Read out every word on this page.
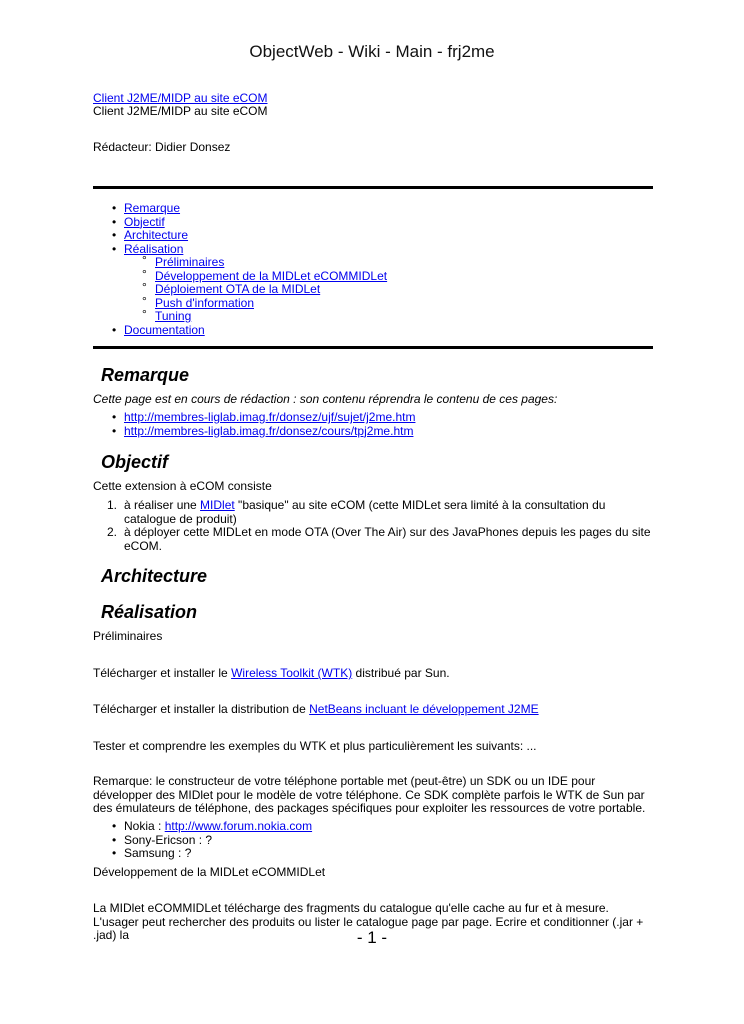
ObjectWeb - Wiki - Main - frj2me
Client J2ME/MIDP au site eCOM
Client J2ME/MIDP au site eCOM
Rédacteur: Didier Donsez
• Remarque
• Objectif
• Architecture
• Réalisation
° Préliminaires
° Développement de la MIDLet eCOMMIDLet
° Déploiement OTA de la MIDLet
° Push d'information
° Tuning
• Documentation
Remarque
Cette page est en cours de rédaction : son contenu réprendra le contenu de ces pages:
• http://membres-liglab.imag.fr/donsez/ujf/sujet/j2me.htm
• http://membres-liglab.imag.fr/donsez/cours/tpj2me.htm
Objectif
Cette extension à eCOM consiste
1. à réaliser une MIDlet "basique" au site eCOM (cette MIDLet sera limité à la consultation du catalogue de produit)
2. à déployer cette MIDLet en mode OTA (Over The Air) sur des JavaPhones depuis les pages du site eCOM.
Architecture
Réalisation
Préliminaires
Télécharger et installer le Wireless Toolkit (WTK) distribué par Sun.
Télécharger et installer la distribution de NetBeans incluant le développement J2ME
Tester et comprendre les exemples du WTK et plus particulièrement les suivants: ...
Remarque: le constructeur de votre téléphone portable met (peut-être) un SDK ou un IDE pour développer des MIDlet pour le modèle de votre téléphone. Ce SDK complète parfois le WTK de Sun par des émulateurs de téléphone, des packages spécifiques pour exploiter les ressources de votre portable.
• Nokia : http://www.forum.nokia.com
• Sony-Ericson : ?
• Samsung : ?
Développement de la MIDLet eCOMMIDLet
La MIDlet eCOMMIDLet télécharge des fragments du catalogue qu'elle cache au fur et à mesure. L'usager peut rechercher des produits ou lister le catalogue page par page. Ecrire et conditionner (.jar + .jad) la	- 1 -
